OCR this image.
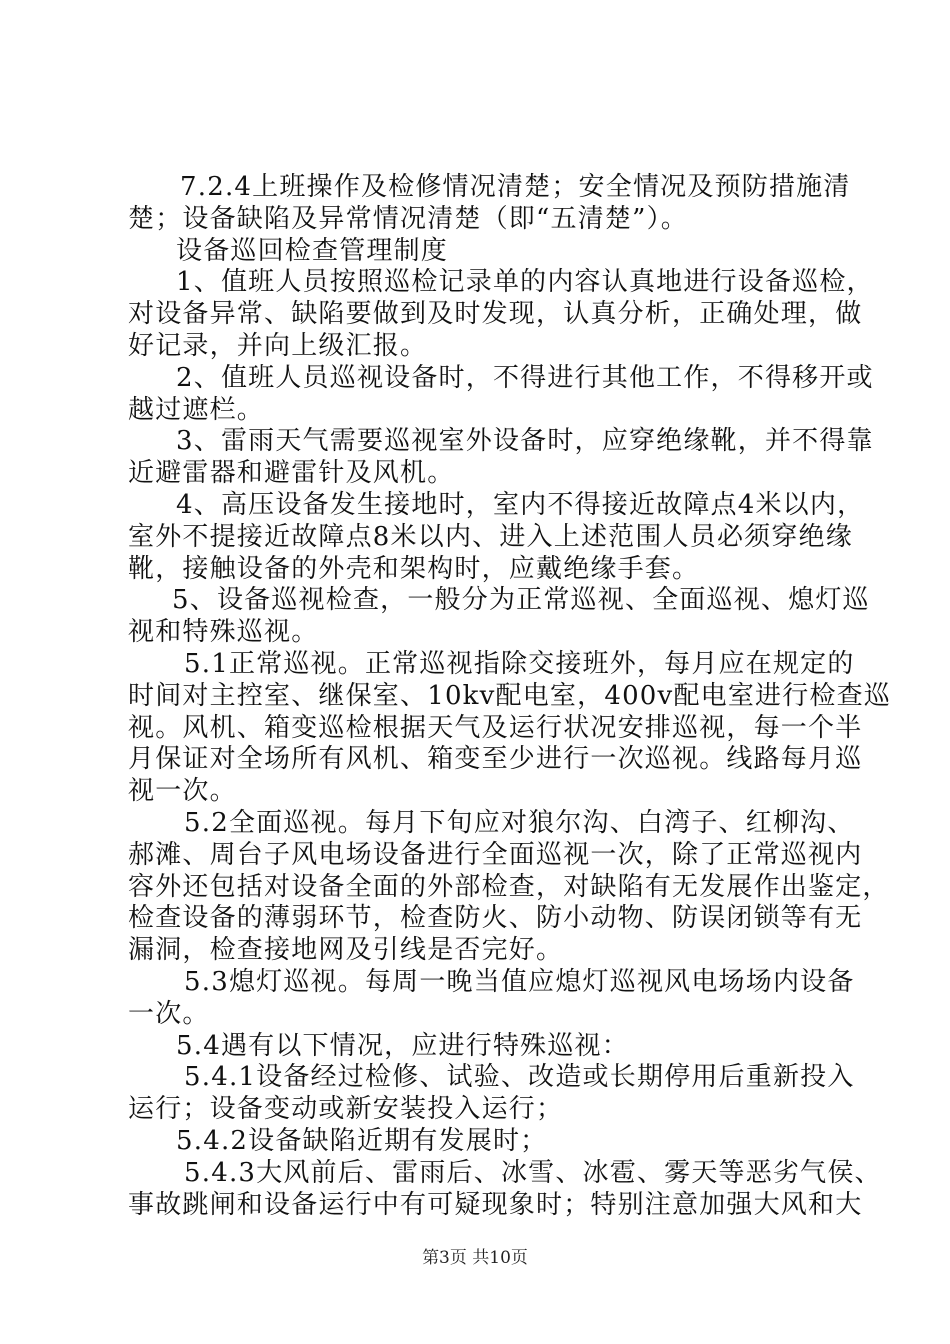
7.2.4上班操作及检修情况清楚；安全情况及预防措施清
楚；设备缺陷及异常情况清楚（即“五清楚”）。
设备巡回检查管理制度
1、值班人员按照巡检记录单的内容认真地进行设备巡检，
对设备异常、缺陷要做到及时发现，认真分析，正确处理，做
好记录，并向上级汇报。
2、值班人员巡视设备时，不得进行其他工作，不得移开或
越过遮栏。
3、雷雨天气需要巡视室外设备时，应穿绝缘靴，并不得靠
近避雷器和避雷针及风机。
4、高压设备发生接地时，室内不得接近故障点4米以内，
室外不提接近故障点8米以内、进入上述范围人员必须穿绝缘
靴，接触设备的外壳和架构时，应戴绝缘手套。
5、设备巡视检查，一般分为正常巡视、全面巡视、熄灯巡
视和特殊巡视。
5.1正常巡视。正常巡视指除交接班外，每月应在规定的
时间对主控室、继保室、10kv配电室，400v配电室进行检查巡
视。风机、箱变巡检根据天气及运行状况安排巡视，每一个半
月保证对全场所有风机、箱变至少进行一次巡视。线路每月巡
视一次。
5.2全面巡视。每月下旬应对狼尔沟、白湾子、红柳沟、
郝滩、周台子风电场设备进行全面巡视一次，除了正常巡视内
容外还包括对设备全面的外部检查，对缺陷有无发展作出鉴定，
检查设备的薄弱环节，检查防火、防小动物、防误闭锁等有无
漏洞，检查接地网及引线是否完好。
5.3熄灯巡视。每周一晚当值应熄灯巡视风电场场内设备
一次。
5.4遇有以下情况，应进行特殊巡视：
5.4.1设备经过检修、试验、改造或长期停用后重新投入
运行；设备变动或新安装投入运行；
5.4.2设备缺陷近期有发展时；
5.4.3大风前后、雷雨后、冰雪、冰雹、雾天等恶劣气侯、
事故跳闸和设备运行中有可疑现象时；特别注意加强大风和大
第3页 共10页
